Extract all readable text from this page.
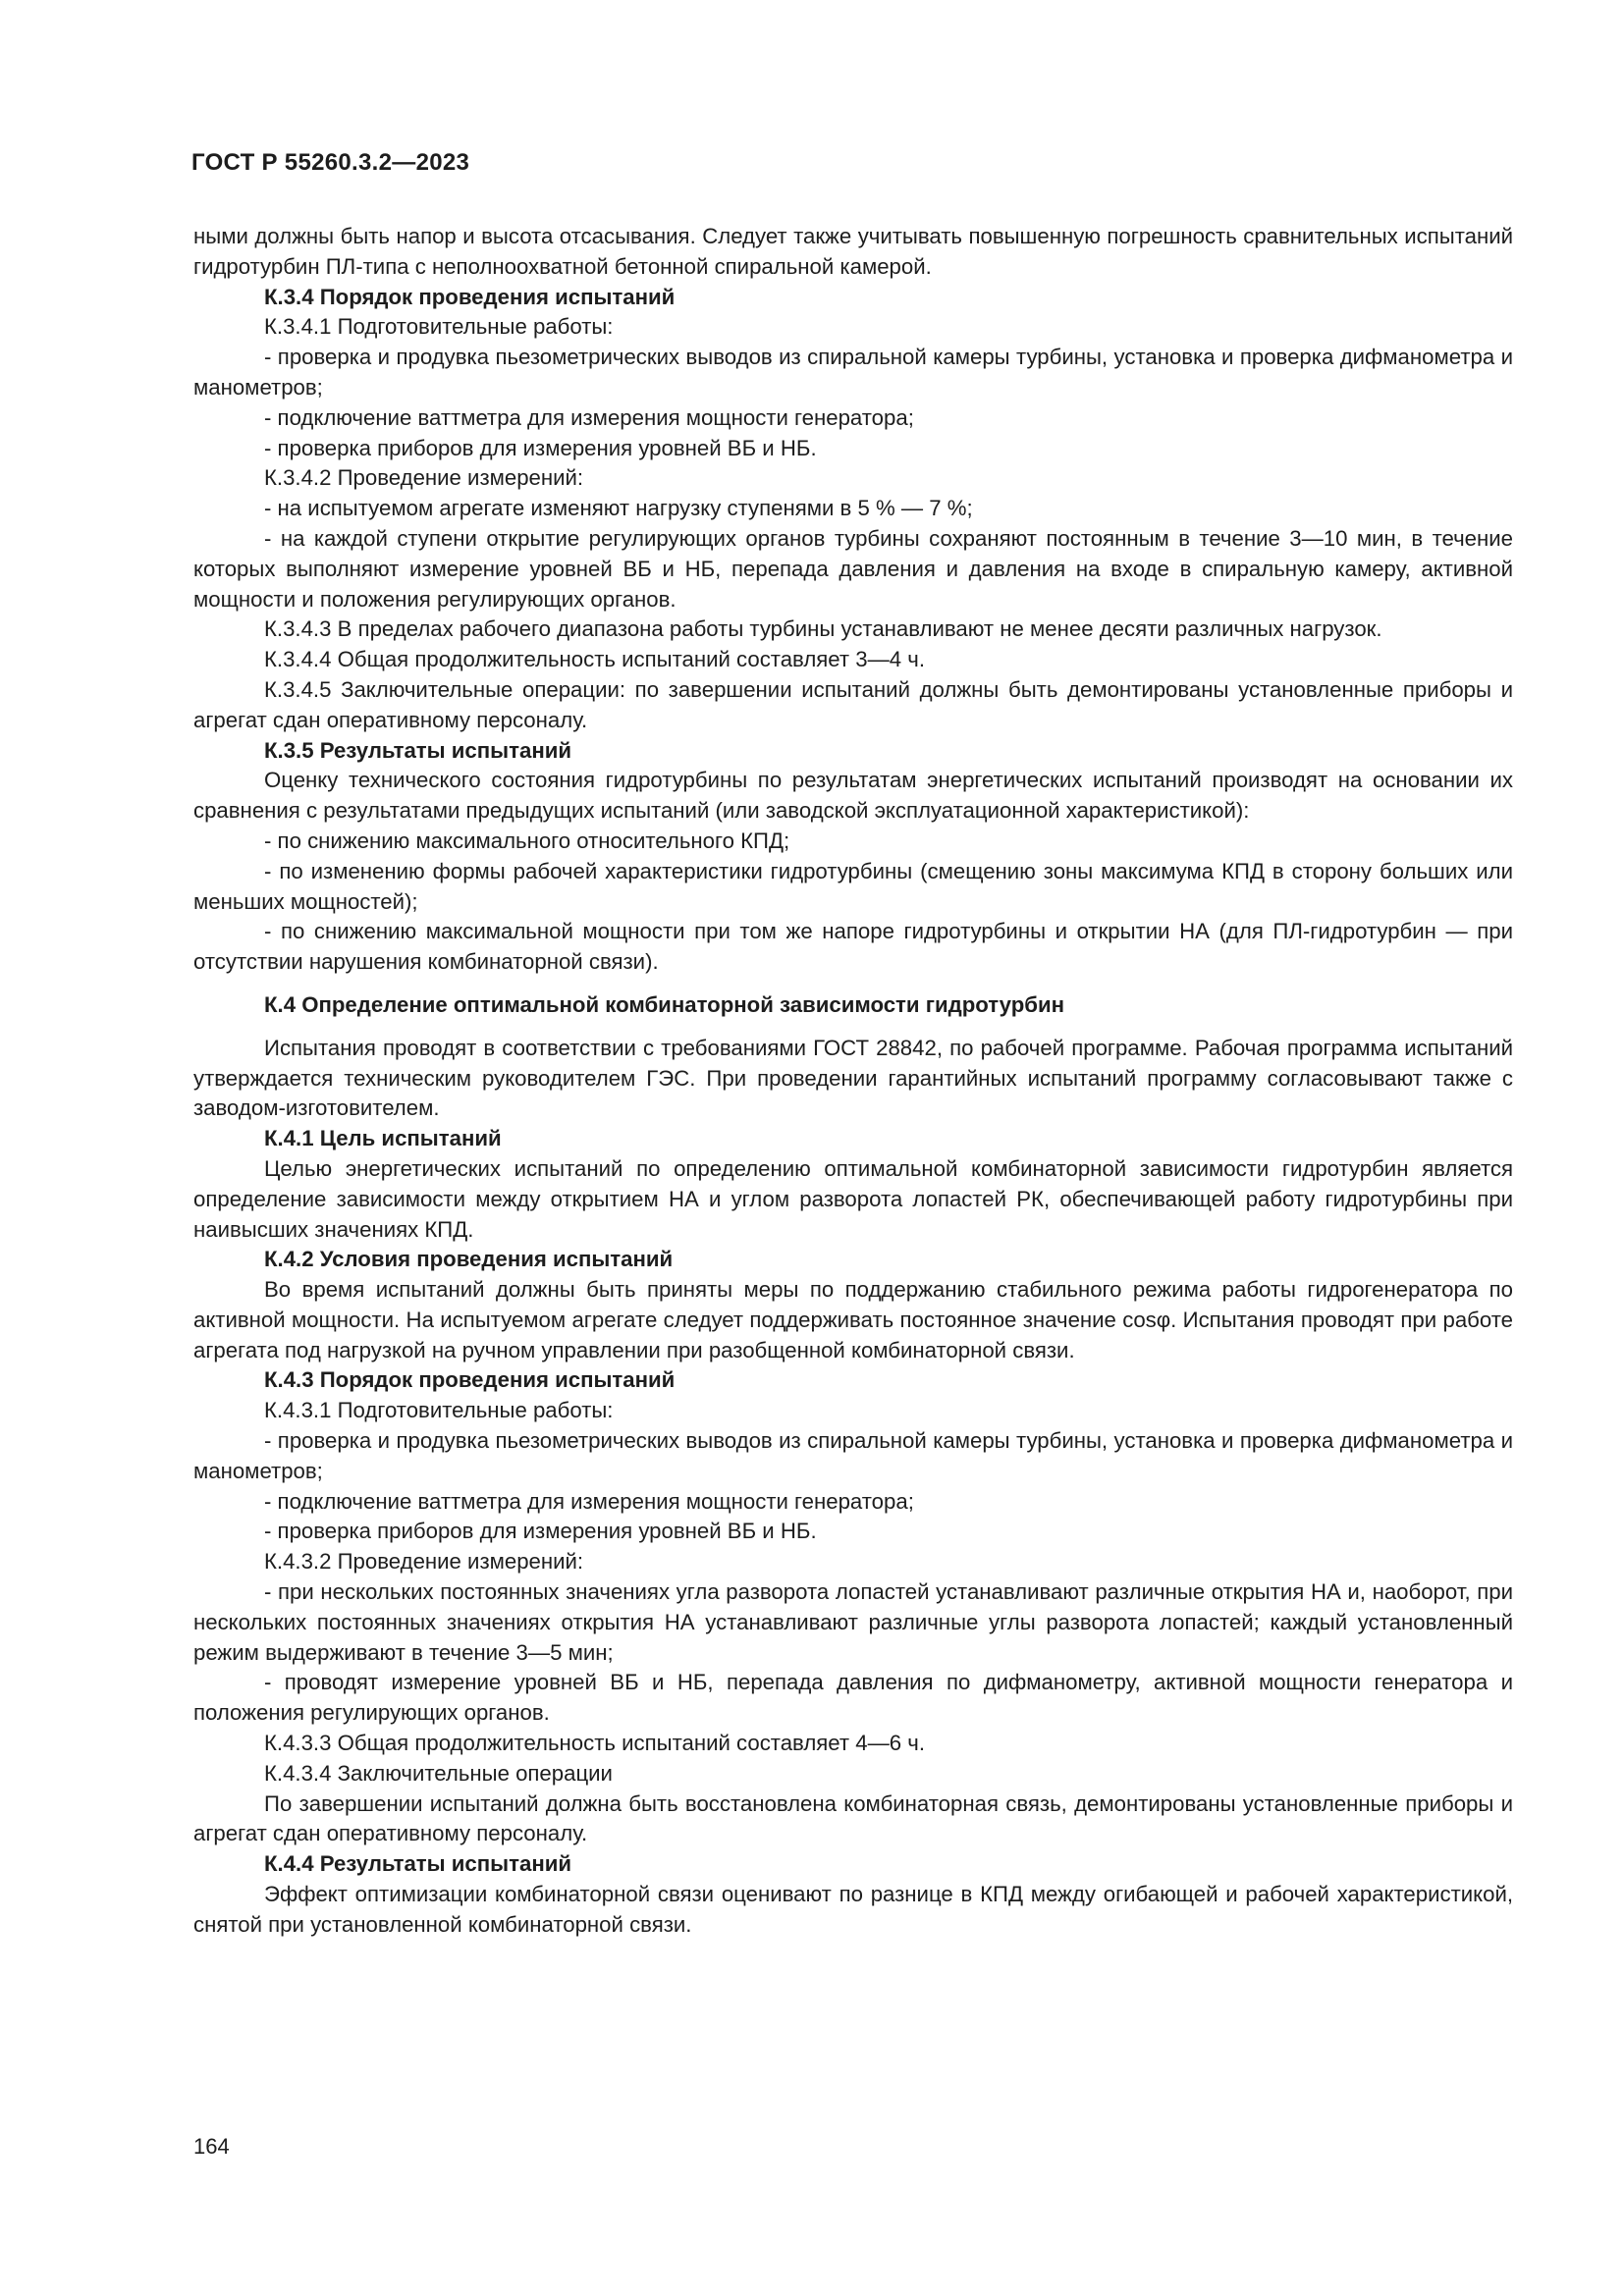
ГОСТ Р 55260.3.2—2023

ными должны быть напор и высота отсасывания. Следует также учитывать повышенную погрешность сравнительных испытаний гидротурбин ПЛ-типа с неполноохватной бетонной спиральной камерой.

К.3.4 Порядок проведения испытаний

К.3.4.1 Подготовительные работы:

- проверка и продувка пьезометрических выводов из спиральной камеры турбины, установка и проверка дифманометра и манометров;

- подключение ваттметра для измерения мощности генератора;

- проверка приборов для измерения уровней ВБ и НБ.

К.3.4.2 Проведение измерений:

- на испытуемом агрегате изменяют нагрузку ступенями в 5 % — 7 %;

- на каждой ступени открытие регулирующих органов турбины сохраняют постоянным в течение 3—10 мин, в течение которых выполняют измерение уровней ВБ и НБ, перепада давления и давления на входе в спиральную камеру, активной мощности и положения регулирующих органов.

К.3.4.3 В пределах рабочего диапазона работы турбины устанавливают не менее десяти различных нагрузок.

К.3.4.4 Общая продолжительность испытаний составляет 3—4 ч.

К.3.4.5 Заключительные операции: по завершении испытаний должны быть демонтированы установленные приборы и агрегат сдан оперативному персоналу.

К.3.5 Результаты испытаний

Оценку технического состояния гидротурбины по результатам энергетических испытаний производят на основании их сравнения с результатами предыдущих испытаний (или заводской эксплуатационной характеристикой):

- по снижению максимального относительного КПД;

- по изменению формы рабочей характеристики гидротурбины (смещению зоны максимума КПД в сторону больших или меньших мощностей);

- по снижению максимальной мощности при том же напоре гидротурбины и открытии НА (для ПЛ-гидротурбин — при отсутствии нарушения комбинаторной связи).

К.4 Определение оптимальной комбинаторной зависимости гидротурбин

Испытания проводят в соответствии с требованиями ГОСТ 28842, по рабочей программе. Рабочая программа испытаний утверждается техническим руководителем ГЭС. При проведении гарантийных испытаний программу согласовывают также с заводом-изготовителем.

К.4.1 Цель испытаний

Целью энергетических испытаний по определению оптимальной комбинаторной зависимости гидротурбин является определение зависимости между открытием НА и углом разворота лопастей РК, обеспечивающей работу гидротурбины при наивысших значениях КПД.

К.4.2 Условия проведения испытаний

Во время испытаний должны быть приняты меры по поддержанию стабильного режима работы гидрогенератора по активной мощности. На испытуемом агрегате следует поддерживать постоянное значение cosφ. Испытания проводят при работе агрегата под нагрузкой на ручном управлении при разобщенной комбинаторной связи.

К.4.3 Порядок проведения испытаний

К.4.3.1 Подготовительные работы:

- проверка и продувка пьезометрических выводов из спиральной камеры турбины, установка и проверка дифманометра и манометров;

- подключение ваттметра для измерения мощности генератора;

- проверка приборов для измерения уровней ВБ и НБ.

К.4.3.2 Проведение измерений:

- при нескольких постоянных значениях угла разворота лопастей устанавливают различные открытия НА и, наоборот, при нескольких постоянных значениях открытия НА устанавливают различные углы разворота лопастей; каждый установленный режим выдерживают в течение 3—5 мин;

- проводят измерение уровней ВБ и НБ, перепада давления по дифманометру, активной мощности генератора и положения регулирующих органов.

К.4.3.3 Общая продолжительность испытаний составляет 4—6 ч.

К.4.3.4 Заключительные операции

По завершении испытаний должна быть восстановлена комбинаторная связь, демонтированы установленные приборы и агрегат сдан оперативному персоналу.

К.4.4 Результаты испытаний

Эффект оптимизации комбинаторной связи оценивают по разнице в КПД между огибающей и рабочей характеристикой, снятой при установленной комбинаторной связи.

164
